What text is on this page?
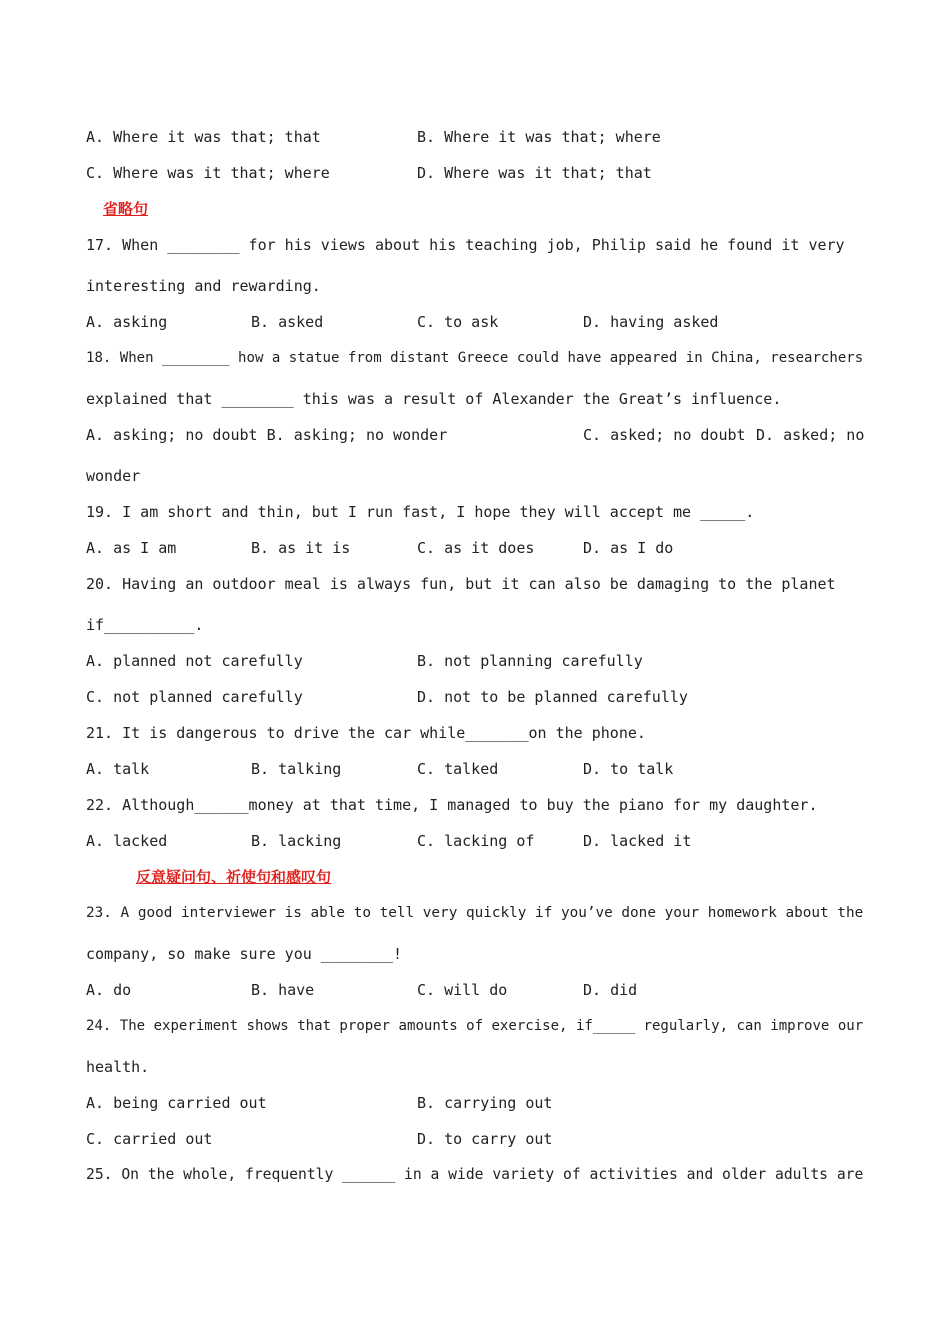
A. Where it was that; that	B. Where it was that; where
C. Where was it that; where	D. Where was it that; that
省略句
17. When ________ for his views about his teaching job, Philip said he found it very
interesting and rewarding.
A. asking	B. asked	C. to ask	D. having asked
18. When ________ how a statue from distant Greece could have appeared in China, researchers
explained that ________ this was a result of Alexander the Great’s influence.
A. asking; no doubt B. asking; no wonder	C. asked; no doubt D. asked; no
wonder
19. I am short and thin, but I run fast, I hope they will accept me _____.
A. as I am	B. as it is	C. as it does	D. as I do
20. Having an outdoor meal is always fun, but it can also be damaging to the planet
if__________.
A. planned not carefully	B. not planning carefully
C. not planned carefully	D. not to be planned carefully
21. It is dangerous to drive the car while_______on the phone.
A. talk	B. talking	C. talked	D. to talk
22. Although______money at that time, I managed to buy the piano for my daughter.
A. lacked	B. lacking	C. lacking of	D. lacked it
反意疑问句、祈使句和感叹句
23. A good interviewer is able to tell very quickly if you’ve done your homework about the
company, so make sure you ________!
A. do	B. have	C. will do	D. did
24. The experiment shows that proper amounts of exercise, if_____ regularly, can improve our
health.
A. being carried out	B. carrying out
C. carried out	D. to carry out
25. On the whole, frequently ______ in a wide variety of activities and older adults are
